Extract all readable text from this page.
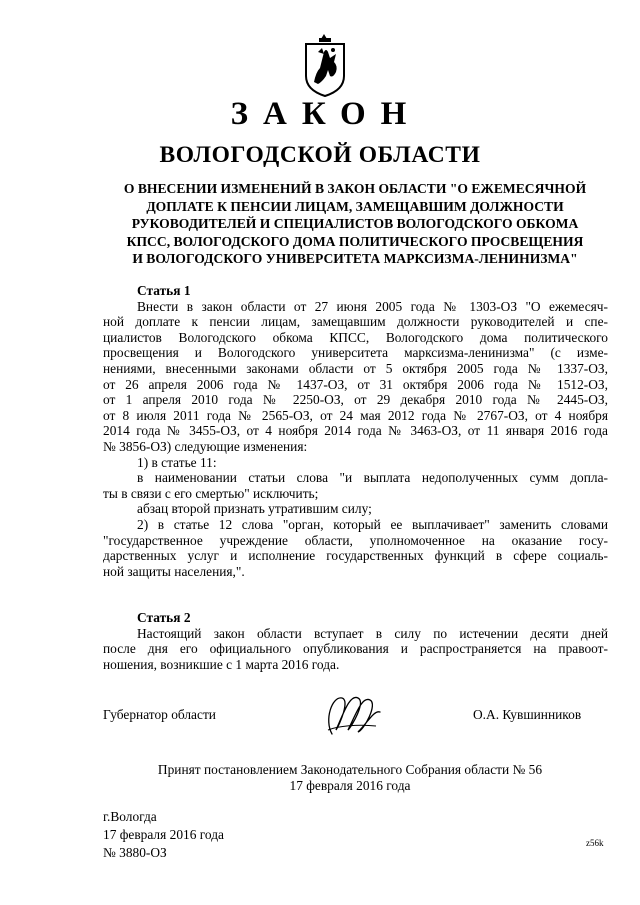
ЗАКОН
ВОЛОГОДСКОЙ ОБЛАСТИ
О ВНЕСЕНИИ ИЗМЕНЕНИЙ В ЗАКОН ОБЛАСТИ "О ЕЖЕМЕСЯЧНОЙ
ДОПЛАТЕ К ПЕНСИИ ЛИЦАМ, ЗАМЕЩАВШИМ ДОЛЖНОСТИ
РУКОВОДИТЕЛЕЙ И СПЕЦИАЛИСТОВ ВОЛОГОДСКОГО ОБКОМА
КПСС, ВОЛОГОДСКОГО ДОМА ПОЛИТИЧЕСКОГО ПРОСВЕЩЕНИЯ
И ВОЛОГОДСКОГО УНИВЕРСИТЕТА МАРКСИЗМА-ЛЕНИНИЗМА"
Статья 1
Внести в закон области от 27 июня 2005 года № 1303-ОЗ "О ежемесяч-
ной доплате к пенсии лицам, замещавшим должности руководителей и спе-
циалистов Вологодского обкома КПСС, Вологодского дома политического
просвещения и Вологодского университета марксизма-ленинизма" (с изме-
нениями, внесенными законами области от 5 октября 2005 года № 1337-ОЗ,
от 26 апреля 2006 года № 1437-ОЗ, от 31 октября 2006 года № 1512-ОЗ,
от 1 апреля 2010 года № 2250-ОЗ, от 29 декабря 2010 года № 2445-ОЗ,
от 8 июля 2011 года № 2565-ОЗ, от 24 мая 2012 года № 2767-ОЗ, от 4 ноября
2014 года № 3455-ОЗ, от 4 ноября 2014 года № 3463-ОЗ, от 11 января 2016 года
№ 3856-ОЗ) следующие изменения:
1) в статье 11:
в наименовании статьи слова "и выплата недополученных сумм допла-
ты в связи с его смертью" исключить;
абзац второй признать утратившим силу;
2) в статье 12 слова "орган, который ее выплачивает" заменить словами
"государственное учреждение области, уполномоченное на оказание госу-
дарственных услуг и исполнение государственных функций в сфере социаль-
ной защиты населения,".
Статья 2
Настоящий закон области вступает в силу по истечении десяти дней
после дня его официального опубликования и распространяется на правоот-
ношения, возникшие с 1 марта 2016 года.
Губернатор области	О.А. Кувшинников
Принят постановлением Законодательного Собрания области № 56
17 февраля 2016 года
г.Вологда
17 февраля 2016 года
№ 3880-ОЗ
z56k
